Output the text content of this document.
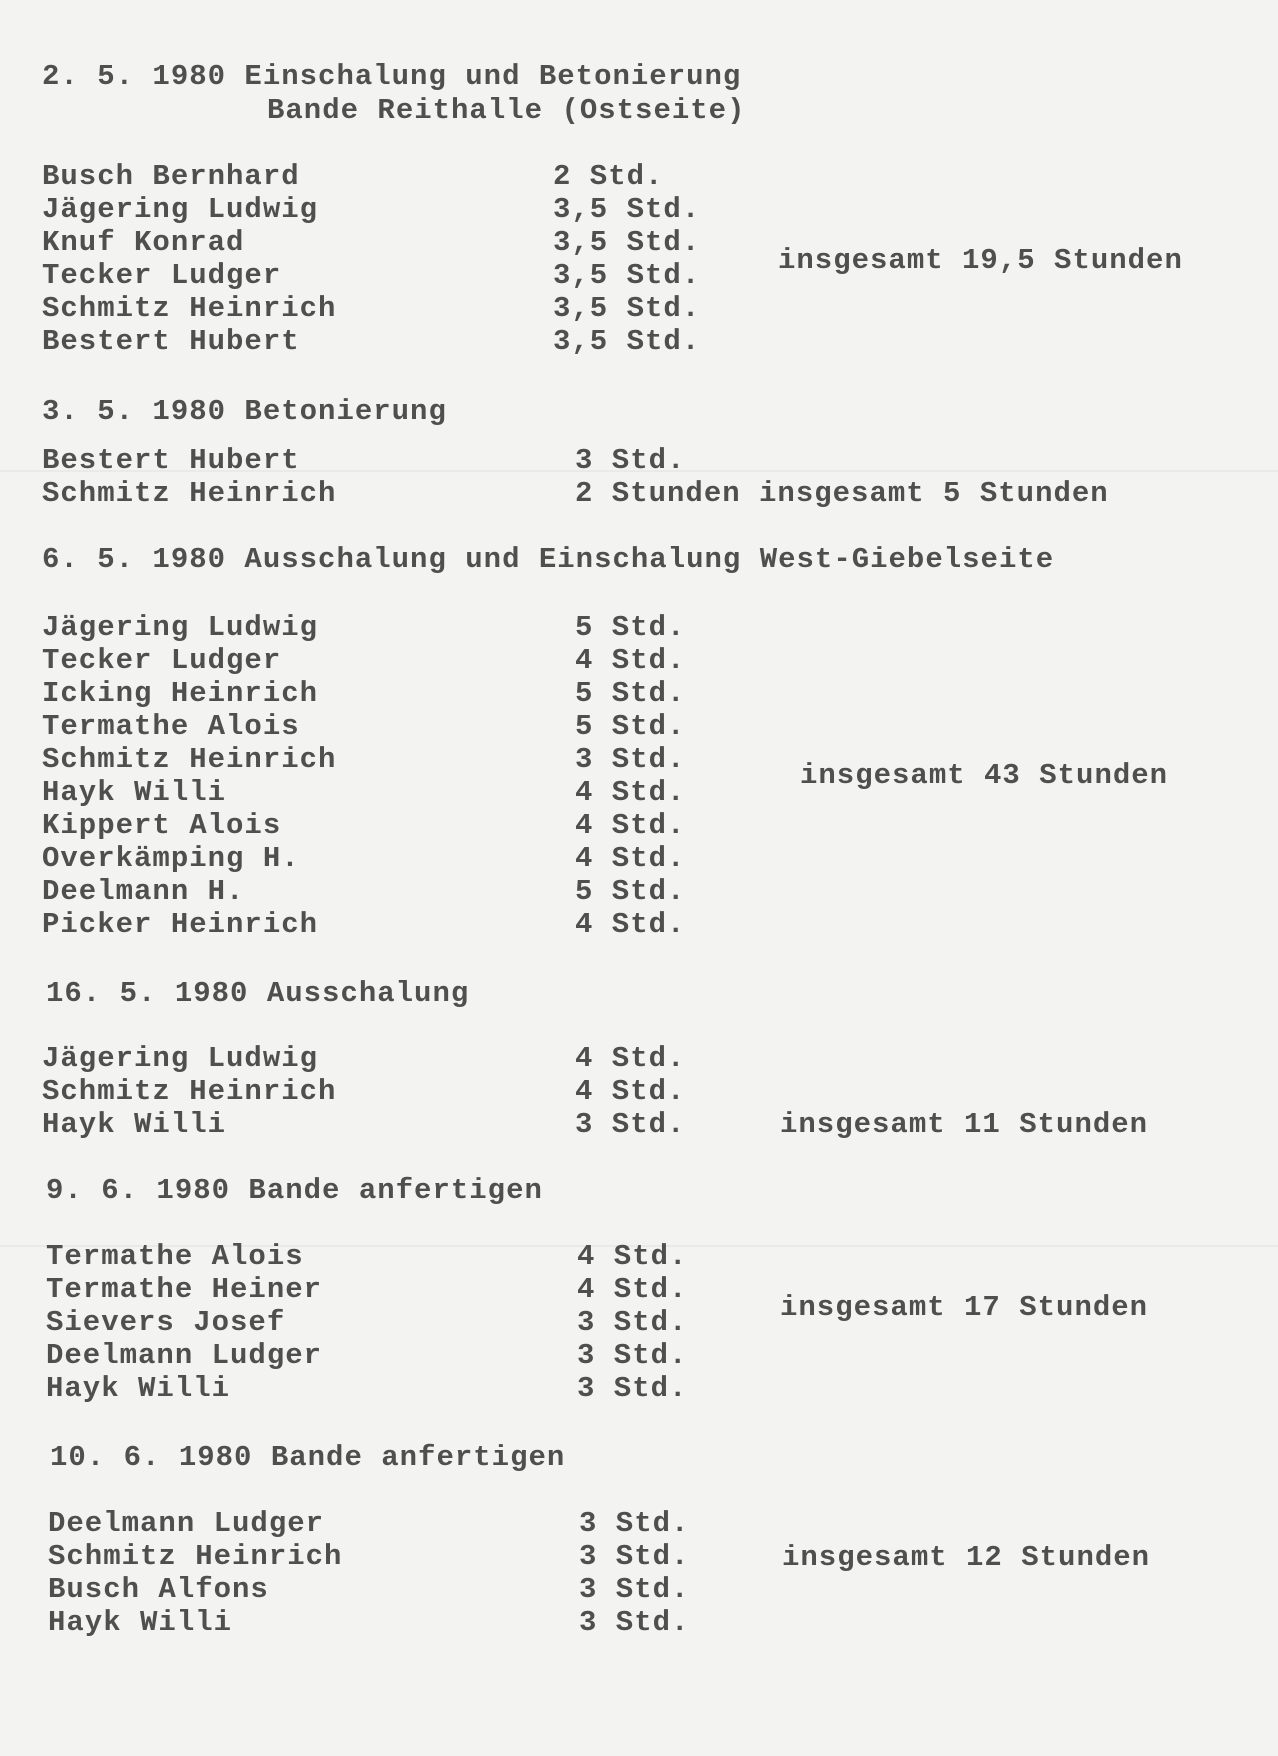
2. 5. 1980 Einschalung und Betonierung
Bande Reithalle (Ostseite)
Busch Bernhard	2 Std.
Jägering Ludwig	3,5 Std.
Knuf Konrad	3,5 Std.
Tecker Ludger	3,5 Std.
Schmitz Heinrich	3,5 Std.
Bestert Hubert	3,5 Std.
insgesamt 19,5 Stunden
3. 5. 1980 Betonierung
Bestert Hubert	3 Std.
Schmitz Heinrich	2 Stunden insgesamt 5 Stunden
6. 5. 1980 Ausschalung und Einschalung West-Giebelseite
Jägering Ludwig	5 Std.
Tecker Ludger	4 Std.
Icking Heinrich	5 Std.
Termathe Alois	5 Std.
Schmitz Heinrich	3 Std.
Hayk Willi	4 Std.
Kippert Alois	4 Std.
Overkämping H.	4 Std.
Deelmann H.	5 Std.
Picker Heinrich	4 Std.
insgesamt 43 Stunden
16. 5. 1980 Ausschalung
Jägering Ludwig	4 Std.
Schmitz Heinrich	4 Std.
Hayk Willi	3 Std.	insgesamt 11 Stunden
9. 6. 1980 Bande anfertigen
Termathe Alois	4 Std.
Termathe Heiner	4 Std.
Sievers Josef	3 Std.
Deelmann Ludger	3 Std.
Hayk Willi	3 Std.
insgesamt 17 Stunden
10. 6. 1980 Bande anfertigen
Deelmann Ludger	3 Std.
Schmitz Heinrich	3 Std.
Busch Alfons	3 Std.
Hayk Willi	3 Std.
insgesamt 12 Stunden
